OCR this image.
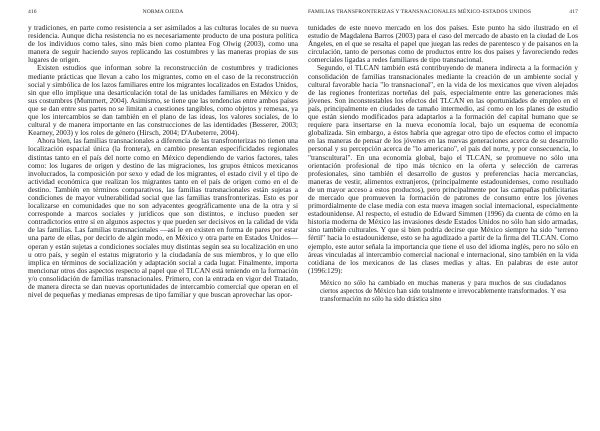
NORMA OJEDA
416

y tradiciones, en parte como resistencia a ser asimilados a las culturas locales de su nueva residencia. Aunque dicha resistencia no es necesariamente producto de una postura política de los individuos como tales, sino más bien como plantea Fog Olwig (2003), como una manera de seguir haciendo suyos replicando las costumbres y las maneras propias de sus lugares de origen.

Existen estudios que informan sobre la reconstrucción de costumbres y tradiciones mediante prácticas que llevan a cabo los migrantes, como en el caso de la reconstrucción social y simbólica de los lazos familiares entre los migrantes localizados en Estados Unidos, sin que ello implique una desarticulación total de las unidades familiares en México y de sus costumbres (Mummert, 2004). Asimismo, se tiene que las tendencias entre ambos países que se dan entre sus partes no se limitan a cuestiones tangibles, como objetos y remesas, ya que los intercambios se dan también en el plano de las ideas, los valores sociales, de lo cultural y de manera importante en las construcciones de las identidades (Besserer, 2003; Kearney, 2003) y los roles de género (Hirsch, 2004; D'Aubeterre, 2004).

Ahora bien, las familias transnacionales a diferencia de las transfronterizas no tienen una localización espacial única (la frontera), en cambio presentan especificidades regionales distintas tanto en el país del norte como en México dependiendo de varios factores, tales como: los lugares de origen y destino de las migraciones, los grupos étnicos mexicanos involucrados, la composición por sexo y edad de los migrantes, el estado civil y el tipo de actividad económica que realizan los migrantes tanto en el país de origen como en el de destino. También en términos comparativos, las familias transnacionales están sujetas a condiciones de mayor vulnerabilidad social que las familias transfronterizas. Esto es por localizarse en comunidades que no son adyacentes geográficamente una de la otra y si corresponde a marcos sociales y jurídicos que son distintos, e incluso pueden ser contradictorios entre sí en algunos aspectos y que pueden ser decisivos en la calidad de vida de las familias. Las familias transnacionales —así le en existen en forma de pares por estar una parte de ellas, por decirlo de algún modo, en México y otra parte en Estados Unidos— operan y están sujetas a condiciones sociales muy distintas según sea su localización en uno u otro país, y según el estatus migratorio y la ciudadanía de sus miembros, y lo que ello implica en términos de socialización y adaptación social a cada lugar. Finalmente, importa mencionar otros dos aspectos respecto al papel que el TLCAN está teniendo en la formación y/o consolidación de familias transnacionales. Primero, con la entrada en vigor del Tratado, de manera directa se dan nuevas oportunidades de intercambio comercial que operan en el nivel de pequeñas y medianas empresas de tipo familiar y que buscan aprovechar las opor-

FAMILIAS TRANSFRONTERIZAS Y TRANSNACIONALES MÉXICO-ESTADOS UNIDOS	417

tunidades de este nuevo mercado en los dos países. Este punto ha sido ilustrado en el estudio de Magdalena Barros (2003) para el caso del mercado de abasto en la ciudad de Los Ángeles, en el que se resalta el papel que juegan las redes de parentesco y de paisanos en la circulación, tanto de personas como de productos entre los dos países y favoreciendo redes comerciales ligadas a redes familiares de tipo transnacional.

Segundo, el TLCAN también está contribuyendo de manera indirecta a la formación y consolidación de familias transnacionales mediante la creación de un ambiente social y cultural favorable hacia "lo transnacional", en la vida de los mexicanos que viven alejados de las regiones fronterizas norteñas del país, especialmente entre las generaciones más jóvenes. Son inconstestables los efectos del TLCAN en las oportunidades de empleo en el país, principalmente en ciudades de tamaño intermedio, así como en los planes de estudio que están siendo modificados para adaptarlos a la formación del capital humano que se requiere para insertarse en la nueva economía local, bajo un esquema de economía globalizada. Sin embargo, a éstos habría que agregar otro tipo de efectos como el impacto en las maneras de pensar de los jóvenes en las nuevas generaciones acerca de su desarrollo personal y su percepción acerca de "lo americano", el país del norte, y por consecuencia, lo "transcultural". En una economía global, bajo el TLCAN, se promueve no sólo una orientación profesional de tipo más técnico en la oferta y selección de carreras profesionales, sino también el desarrollo de gustos y preferencias hacia mercancías, maneras de vestir, alimentos extranjeros, (principalmente estadounidenses, como resultado de un mayor acceso a estos productos), pero principalmente por las campañas publicitarias de mercado que promueven la formación de patrones de consumo entre los jóvenes primordialmente de clase media con esta nueva imagen social internacional, especialmente estadounidense. Al respecto, el estudio de Edward Simmen (1996) da cuenta de cómo en la historia moderna de México las invasiones desde Estados Unidos no sólo han sido armadas, sino también culturales. Y que si bien podría decirse que México siempre ha sido "terreno fértil" hacia lo estadounidense, esto se ha agudizado a partir de la firma del TLCAN. Como ejemplo, este autor señala la importancia que tiene el uso del idioma inglés, pero no sólo en áreas vinculadas al intercambio comercial nacional e internacional, sino también en la vida cotidiana de los mexicanos de las clases medias y altas. En palabras de este autor (1996:129):

México no sólo ha cambiado en muchas maneras y para muchos de sus ciudadanos ciertos aspectos de México han sido totalmente e irrevocablemente transformados. Y esa transformación no sólo ha sido drástica sino
